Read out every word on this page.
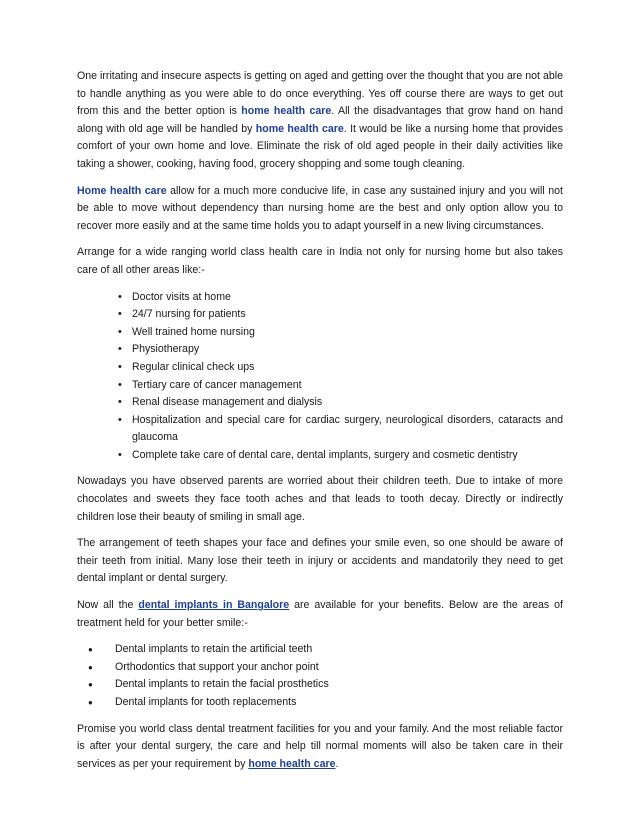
One irritating and insecure aspects is getting on aged and getting over the thought that you are not able to handle anything as you were able to do once everything. Yes off course there are ways to get out from this and the better option is home health care. All the disadvantages that grow hand on hand along with old age will be handled by home health care. It would be like a nursing home that provides comfort of your own home and love. Eliminate the risk of old aged people in their daily activities like taking a shower, cooking, having food, grocery shopping and some tough cleaning.

Home health care allow for a much more conducive life, in case any sustained injury and you will not be able to move without dependency than nursing home are the best and only option allow you to recover more easily and at the same time holds you to adapt yourself in a new living circumstances.

Arrange for a wide ranging world class health care in India not only for nursing home but also takes care of all other areas like:-

• Doctor visits at home
• 24/7 nursing for patients
• Well trained home nursing
• Physiotherapy
• Regular clinical check ups
• Tertiary care of cancer management
• Renal disease management and dialysis
• Hospitalization and special care for cardiac surgery, neurological disorders, cataracts and glaucoma
• Complete take care of dental care, dental implants, surgery and cosmetic dentistry

Nowadays you have observed parents are worried about their children teeth. Due to intake of more chocolates and sweets they face tooth aches and that leads to tooth decay. Directly or indirectly children lose their beauty of smiling in small age.

The arrangement of teeth shapes your face and defines your smile even, so one should be aware of their teeth from initial. Many lose their teeth in injury or accidents and mandatorily they need to get dental implant or dental surgery.

Now all the dental implants in Bangalore are available for your benefits. Below are the areas of treatment held for your better smile:-

● Dental implants to retain the artificial teeth
● Orthodontics that support your anchor point
● Dental implants to retain the facial prosthetics
● Dental implants for tooth replacements

Promise you world class dental treatment facilities for you and your family. And the most reliable factor is after your dental surgery, the care and help till normal moments will also be taken care in their services as per your requirement by home health care.
